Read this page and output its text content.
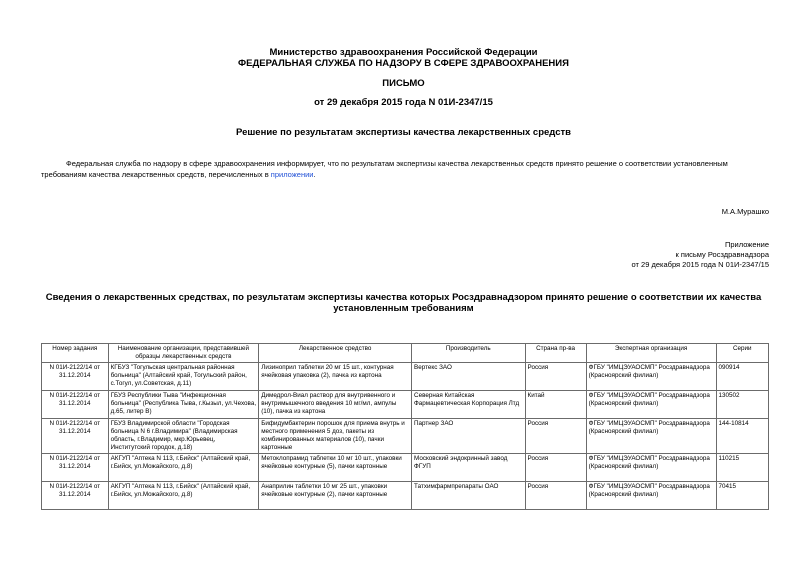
Министерство здравоохранения Российской Федерации
ФЕДЕРАЛЬНАЯ СЛУЖБА ПО НАДЗОРУ В СФЕРЕ ЗДРАВООХРАНЕНИЯ
ПИСЬМО
от 29 декабря 2015 года N 01И-2347/15
Решение по результатам экспертизы качества лекарственных средств
Федеральная служба по надзору в сфере здравоохранения информирует, что по результатам экспертизы качества лекарственных средств принято решение о соответствии установленным требованиям качества лекарственных средств, перечисленных в приложении.
М.А.Мурашко
Приложение
к письму Росздравнадзора
от 29 декабря 2015 года N 01И-2347/15
Сведения о лекарственных средствах, по результатам экспертизы качества которых Росздравнадзором принято решение о соответствии их качества
установленным требованиям
Номер задания	Наименование организации, представившей образцы лекарственных средств	Лекарственное средство	Производитель	Страна пр-ва	Экспертная организация	Серии
N 01И-2122/14 от 31.12.2014	КГБУЗ "Тогульская центральная районная больница" (Алтайский край, Тогульский район, с.Тогул, ул.Советская, д.11)	Лизиноприл таблетки 20 мг 15 шт., контурная ячейковая упаковка (2), пачка из картона	Вертекс ЗАО	Россия	ФГБУ "ИМЦЭУАОСМП" Росздравнадзора (Красноярский филиал)	090914
N 01И-2122/14 от 31.12.2014	ГБУЗ Республики Тыва "Инфекционная больница" (Республика Тыва, г.Кызыл, ул.Чехова, д.65, литер В)	Димедрол-Виал раствор для внутривенного и внутримышечного введения 10 мг/мл, ампулы (10), пачка из картона	Северная Китайская Фармацевтическая Корпорация Лтд	Китай	ФГБУ "ИМЦЭУАОСМП" Росздравнадзора (Красноярский филиал)	130502
N 01И-2122/14 от 31.12.2014	ГБУЗ Владимирской области "Городская больница N 6 г.Владимира" (Владимирская область, г.Владимир, мкр.Юрьевец, Институтский городок, д.18)	Бифидумбактерин порошок для приема внутрь и местного применения 5 доз, пакеты из комбинированных материалов (10), пачки картонные	Партнер ЗАО	Россия	ФГБУ "ИМЦЭУАОСМП" Росздравнадзора (Красноярский филиал)	144-10814
N 01И-2122/14 от 31.12.2014	АКГУП "Аптека N 113, г.Бийск" (Алтайский край, г.Бийск, ул.Можайского, д.8)	Метоклопрамид таблетки 10 мг 10 шт., упаковки ячейковые контурные (5), пачки картонные	Московский эндокринный завод ФГУП	Россия	ФГБУ "ИМЦЭУАОСМП" Росздравнадзора (Красноярский филиал)	110215
N 01И-2122/14 от 31.12.2014	АКГУП "Аптека N 113, г.Бийск" (Алтайский край, г.Бийск, ул.Можайского, д.8)	Анаприлин таблетки 10 мг 25 шт., упаковки ячейковые контурные (2), пачки картонные	Татхимфармпрепараты ОАО	Россия	ФГБУ "ИМЦЭУАОСМП" Росздравнадзора (Красноярский филиал)	70415
